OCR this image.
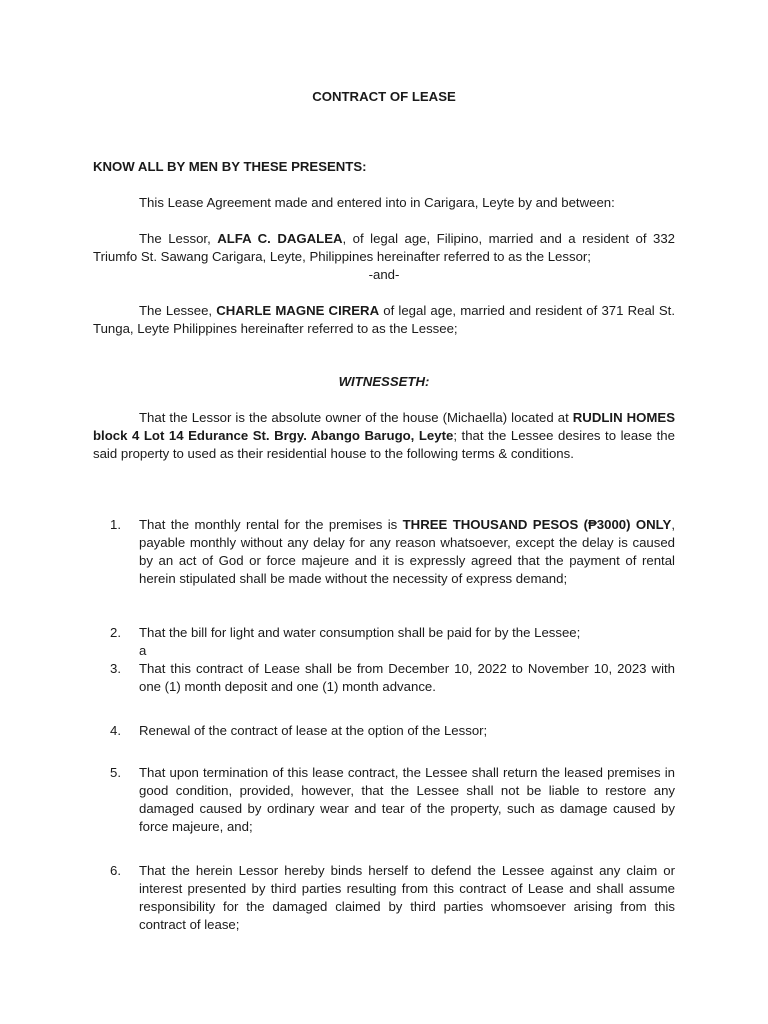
CONTRACT OF LEASE
KNOW ALL BY MEN BY THESE PRESENTS:
This Lease Agreement made and entered into in Carigara, Leyte by and between:
The Lessor, ALFA C. DAGALEA, of legal age, Filipino, married and a resident of 332 Triumfo St. Sawang Carigara, Leyte, Philippines hereinafter referred to as the Lessor;
-and-
The Lessee, CHARLE MAGNE CIRERA of legal age, married and resident of 371 Real St. Tunga, Leyte Philippines hereinafter referred to as the Lessee;
WITNESSETH:
That the Lessor is the absolute owner of the house (Michaella) located at RUDLIN HOMES block 4 Lot 14 Edurance St. Brgy. Abango Barugo, Leyte; that the Lessee desires to lease the said property to used as their residential house to the following terms & conditions.
1.	That the monthly rental for the premises is THREE THOUSAND PESOS (₱3000) ONLY, payable monthly without any delay for any reason whatsoever, except the delay is caused by an act of God or force majeure and it is expressly agreed that the payment of rental herein stipulated shall be made without the necessity of express demand;
2.	That the bill for light and water consumption shall be paid for by the Lessee;
a
3.	That this contract of Lease shall be from December 10, 2022 to November 10, 2023 with one (1) month deposit and one (1) month advance.
4.	Renewal of the contract of lease at the option of the Lessor;
5.	That upon termination of this lease contract, the Lessee shall return the leased premises in good condition, provided, however, that the Lessee shall not be liable to restore any damaged caused by ordinary wear and tear of the property, such as damage caused by force majeure, and;
6.	That the herein Lessor hereby binds herself to defend the Lessee against any claim or interest presented by third parties resulting from this contract of Lease and shall assume responsibility for the damaged claimed by third parties whomsoever arising from this contract of lease;
